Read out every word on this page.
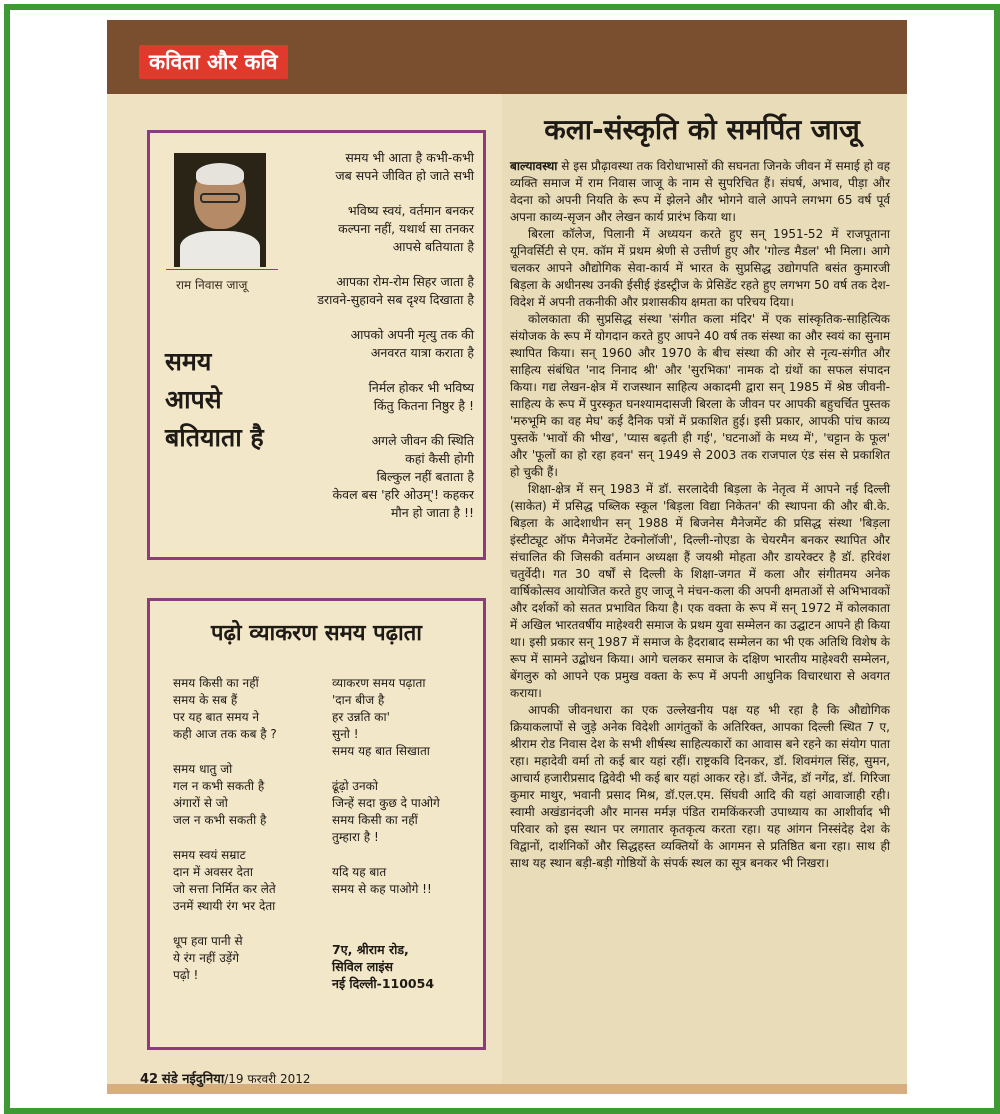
कविता और कवि
राम निवास जाजू
समय
आपसे
बतियाता है
समय भी आता है कभी-कभी
जब सपने जीवित हो जाते सभी
भविष्य स्वयं, वर्तमान बनकर
कल्पना नहीं, यथार्थ सा तनकर
आपसे बतियाता है
आपका रोम-रोम सिहर जाता है
डरावने-सुहावने सब दृश्य दिखाता है
आपको अपनी मृत्यु तक की
अनवरत यात्रा कराता है
निर्मल होकर भी भविष्य
किंतु कितना निष्ठुर है !
अगले जीवन की स्थिति
कहां कैसी होगी
बिल्कुल नहीं बताता है
केवल बस 'हरि ओउम्'! कहकर
मौन हो जाता है !!
पढ़ो व्याकरण समय पढ़ाता
समय किसी का नहीं
समय के सब हैं
पर यह बात समय ने
कही आज तक कब है ?
समय धातु जो
गल न कभी सकती है
अंगारों से जो
जल न कभी सकती है
समय स्वयं सम्राट
दान में अवसर देता
जो सत्ता निर्मित कर लेते
उनमें स्थायी रंग भर देता
धूप हवा पानी से
ये रंग नहीं उड़ेंगे
पढ़ो !
व्याकरण समय पढ़ाता
'दान बीज है
हर उन्नति का'
सुनो !
समय यह बात सिखाता
ढूंढ़ो उनको
जिन्हें सदा कुछ दे पाओगे
समय किसी का नहीं
तुम्हारा है !
यदि यह बात
समय से कह पाओगे !!
7ए, श्रीराम रोड,
सिविल लाइंस
नई दिल्ली-110054
कला-संस्कृति को समर्पित जाजू

बाल्यावस्था से इस प्रौढ़ावस्था तक विरोधाभासों की सघनता जिनके जीवन में समाई हो वह व्यक्ति समाज में राम निवास जाजू के नाम से सुपरिचित हैं। संघर्ष, अभाव, पीड़ा और वेदना को अपनी नियति के रूप में झेलने और भोगने वाले आपने लगभग 65 वर्ष पूर्व अपना काव्य-सृजन और लेखन कार्य प्रारंभ किया था।

बिरला कॉलेज, पिलानी में अध्ययन करते हुए सन् 1951-52 में राजपूताना यूनिवर्सिटी से एम. कॉम में प्रथम श्रेणी से उत्तीर्ण हुए और 'गोल्ड मैडल' भी मिला। आगे चलकर आपने औद्योगिक सेवा-कार्य में भारत के सुप्रसिद्ध उद्योगपति बसंत कुमारजी बिड़ला के अधीनस्थ उनकी ईसीई इंडस्ट्रीज के प्रेसिडेंट रहते हुए लगभग 50 वर्ष तक देश-विदेश में अपनी तकनीकी और प्रशासकीय क्षमता का परिचय दिया।

कोलकाता की सुप्रसिद्ध संस्था 'संगीत कला मंदिर' में एक सांस्कृतिक-साहित्यिक संयोजक के रूप में योगदान करते हुए आपने 40 वर्ष तक संस्था का और स्वयं का सुनाम स्थापित किया। सन् 1960 और 1970 के बीच संस्था की ओर से नृत्य-संगीत और साहित्य संबंधित 'नाद निनाद श्री' और 'सुरभिका' नामक दो ग्रंथों का सफल संपादन किया। गद्य लेखन-क्षेत्र में राजस्थान साहित्य अकादमी द्वारा सन् 1985 में श्रेष्ठ जीवनी-साहित्य के रूप में पुरस्कृत घनश्यामदासजी बिरला के जीवन पर आपकी बहुचर्चित पुस्तक 'मरुभूमि का वह मेघ' कई दैनिक पत्रों में प्रकाशित हुई। इसी प्रकार, आपकी पांच काव्य पुस्तकें 'भावों की भीख', 'प्यास बढ़ती ही गई', 'घटनाओं के मध्य में', 'चट्टान के फूल' और 'फूलों का हो रहा हवन' सन् 1949 से 2003 तक राजपाल एंड संस से प्रकाशित हो चुकी हैं।

शिक्षा-क्षेत्र में सन् 1983 में डॉ. सरलादेवी बिड़ला के नेतृत्व में आपने नई दिल्ली (साकेत) में प्रसिद्ध पब्लिक स्कूल 'बिड़ला विद्या निकेतन' की स्थापना की और बी.के. बिड़ला के आदेशाधीन सन् 1988 में बिजनेस मैनेजमेंट की प्रसिद्ध संस्था 'बिड़ला इंस्टीट्यूट ऑफ मैनेजमेंट टेक्नोलॉजी', दिल्ली-नोएडा के चेयरमैन बनकर स्थापित और संचालित की जिसकी वर्तमान अध्यक्षा हैं जयश्री मोहता और डायरेक्टर है डॉ. हरिवंश चतुर्वेदी। गत 30 वर्षों से दिल्ली के शिक्षा-जगत में कला और संगीतमय अनेक वार्षिकोत्सव आयोजित करते हुए जाजू ने मंचन-कला की अपनी क्षमताओं से अभिभावकों और दर्शकों को सतत प्रभावित किया है। एक वक्ता के रूप में सन् 1972 में कोलकाता में अखिल भारतवर्षीय माहेश्वरी समाज के प्रथम युवा सम्मेलन का उद्घाटन आपने ही किया था। इसी प्रकार सन् 1987 में समाज के हैदराबाद सम्मेलन का भी एक अतिथि विशेष के रूप में सामने उद्बोधन किया। आगे चलकर समाज के दक्षिण भारतीय माहेश्वरी सम्मेलन, बेंगलुरु को आपने एक प्रमुख वक्ता के रूप में अपनी आधुनिक विचारधारा से अवगत कराया।

आपकी जीवनधारा का एक उल्लेखनीय पक्ष यह भी रहा है कि औद्योगिक क्रियाकलापों से जुड़े अनेक विदेशी आगंतुकों के अतिरिक्त, आपका दिल्ली स्थित 7 ए, श्रीराम रोड निवास देश के सभी शीर्षस्थ साहित्यकारों का आवास बने रहने का संयोग पाता रहा। महादेवी वर्मा तो कई बार यहां रहीं। राष्ट्रकवि दिनकर, डॉ. शिवमंगल सिंह, सुमन, आचार्य हजारीप्रसाद द्विवेदी भी कई बार यहां आकर रहे। डॉ. जैनेंद्र, डॉ नगेंद्र, डॉ. गिरिजा कुमार माथुर, भवानी प्रसाद मिश्र, डॉ.एल.एम. सिंघवी आदि की यहां आवाजाही रही। स्वामी अखंडानंदजी और मानस मर्मज्ञ पंडित रामकिंकरजी उपाध्याय का आशीर्वाद भी परिवार को इस स्थान पर लगातार कृतकृत्य करता रहा। यह आंगन निस्संदेह देश के विद्वानों, दार्शनिकों और सिद्धहस्त व्यक्तियों के आगमन से प्रतिष्ठित बना रहा। साथ ही साथ यह स्थान बड़ी-बड़ी गोष्ठियों के संपर्क स्थल का सूत्र बनकर भी निखरा।

42 संडे नईदुनिया/19 फरवरी 2012
